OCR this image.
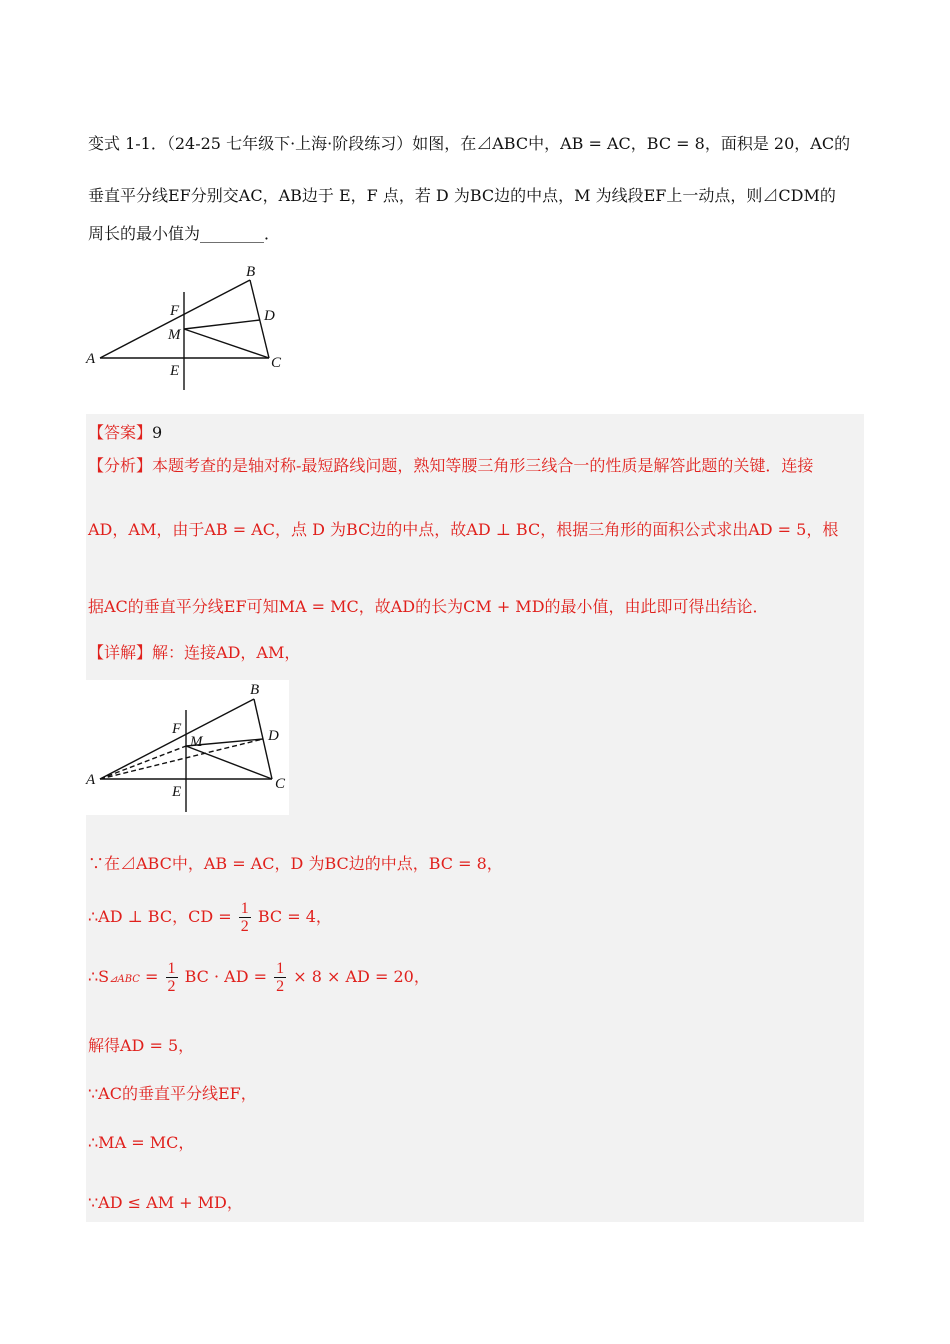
变式 1-1．（24-25 七年级下·上海·阶段练习）如图，在⊿ABC中，AB = AC，BC = 8，面积是 20，AC的
垂直平分线EF分别交AC，AB边于 E，F 点，若 D 为BC边的中点，M 为线段EF上一动点，则⊿CDM的
周长的最小值为________．
A
B
C
D
E
F
M
【答案】9
【分析】本题考查的是轴对称-最短路线问题，熟知等腰三角形三线合一的性质是解答此题的关键．连接
AD，AM，由于AB = AC，点 D 为BC边的中点，故AD ⊥ BC，根据三角形的面积公式求出AD = 5，根
据AC的垂直平分线EF可知MA = MC，故AD的长为CM + MD的最小值，由此即可得出结论．
【详解】解：连接AD，AM，
A
B
C
D
E
F
M
∵在⊿ABC中，AB = AC，D 为BC边的中点，BC = 8，
∴AD ⊥ BC，CD = $\frac{1}{2}$ BC = 4，
∴S⊿ABC = $\frac{1}{2}$ BC · AD = $\frac{1}{2} \times 8$ × AD = 20，
解得AD = 5，
∵AC的垂直平分线EF，
∴MA = MC，
∵AD ≤ AM + MD，
